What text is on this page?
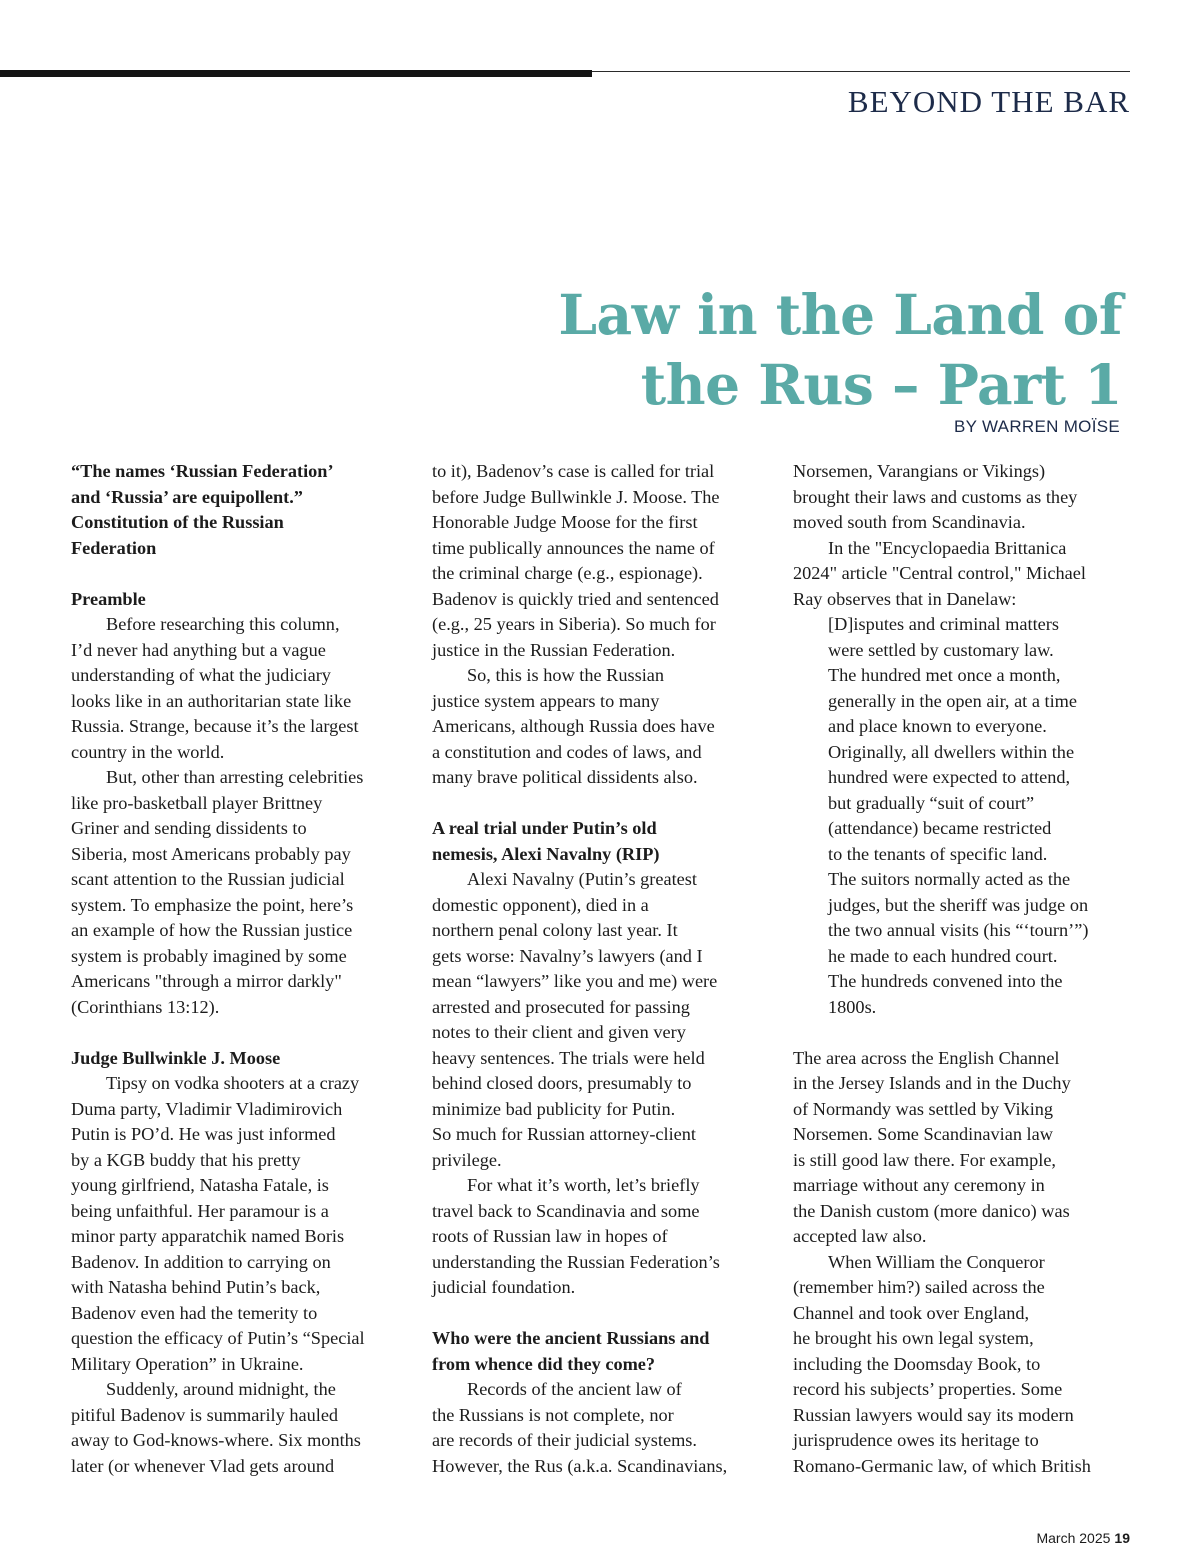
BEYOND THE BAR
Law in the Land of
the Rus – Part 1
BY WARREN MOÏSE
“The names ‘Russian Federation’
and ‘Russia’ are equipollent.”
Constitution of the Russian
Federation
Preamble
Before researching this column,
I’d never had anything but a vague
understanding of what the judiciary
looks like in an authoritarian state like
Russia. Strange, because it’s the largest
country in the world.
But, other than arresting celebrities
like pro-basketball player Brittney
Griner and sending dissidents to
Siberia, most Americans probably pay
scant attention to the Russian judicial
system. To emphasize the point, here’s
an example of how the Russian justice
system is probably imagined by some
Americans "through a mirror darkly"
(Corinthians 13:12).
Judge Bullwinkle J. Moose
Tipsy on vodka shooters at a crazy
Duma party, Vladimir Vladimirovich
Putin is PO’d. He was just informed
by a KGB buddy that his pretty
young girlfriend, Natasha Fatale, is
being unfaithful. Her paramour is a
minor party apparatchik named Boris
Badenov. In addition to carrying on
with Natasha behind Putin’s back,
Badenov even had the temerity to
question the efficacy of Putin’s “Special
Military Operation” in Ukraine.
Suddenly, around midnight, the
pitiful Badenov is summarily hauled
away to God-knows-where. Six months
later (or whenever Vlad gets around
to it), Badenov’s case is called for trial
before Judge Bullwinkle J. Moose. The
Honorable Judge Moose for the first
time publically announces the name of
the criminal charge (e.g., espionage).
Badenov is quickly tried and sentenced
(e.g., 25 years in Siberia). So much for
justice in the Russian Federation.
So, this is how the Russian
justice system appears to many
Americans, although Russia does have
a constitution and codes of laws, and
many brave political dissidents also.
A real trial under Putin’s old
nemesis, Alexi Navalny (RIP)
Alexi Navalny (Putin’s greatest
domestic opponent), died in a
northern penal colony last year. It
gets worse: Navalny’s lawyers (and I
mean “lawyers” like you and me) were
arrested and prosecuted for passing
notes to their client and given very
heavy sentences. The trials were held
behind closed doors, presumably to
minimize bad publicity for Putin.
So much for Russian attorney-client
privilege.
For what it’s worth, let’s briefly
travel back to Scandinavia and some
roots of Russian law in hopes of
understanding the Russian Federation’s
judicial foundation.
Who were the ancient Russians and
from whence did they come?
Records of the ancient law of
the Russians is not complete, nor
are records of their judicial systems.
However, the Rus (a.k.a. Scandinavians,
Norsemen, Varangians or Vikings)
brought their laws and customs as they
moved south from Scandinavia.
In the "Encyclopaedia Brittanica
2024" article "Central control," Michael
Ray observes that in Danelaw:
[D]isputes and criminal matters
were settled by customary law.
The hundred met once a month,
generally in the open air, at a time
and place known to everyone.
Originally, all dwellers within the
hundred were expected to attend,
but gradually “suit of court”
(attendance) became restricted
to the tenants of specific land.
The suitors normally acted as the
judges, but the sheriff was judge on
the two annual visits (his “‘tourn’”)
he made to each hundred court.
The hundreds convened into the
1800s.
The area across the English Channel
in the Jersey Islands and in the Duchy
of Normandy was settled by Viking
Norsemen. Some Scandinavian law
is still good law there. For example,
marriage without any ceremony in
the Danish custom (more danico) was
accepted law also.
When William the Conqueror
(remember him?) sailed across the
Channel and took over England,
he brought his own legal system,
including the Doomsday Book, to
record his subjects’ properties. Some
Russian lawyers would say its modern
jurisprudence owes its heritage to
Romano-Germanic law, of which British
March 2025 19
